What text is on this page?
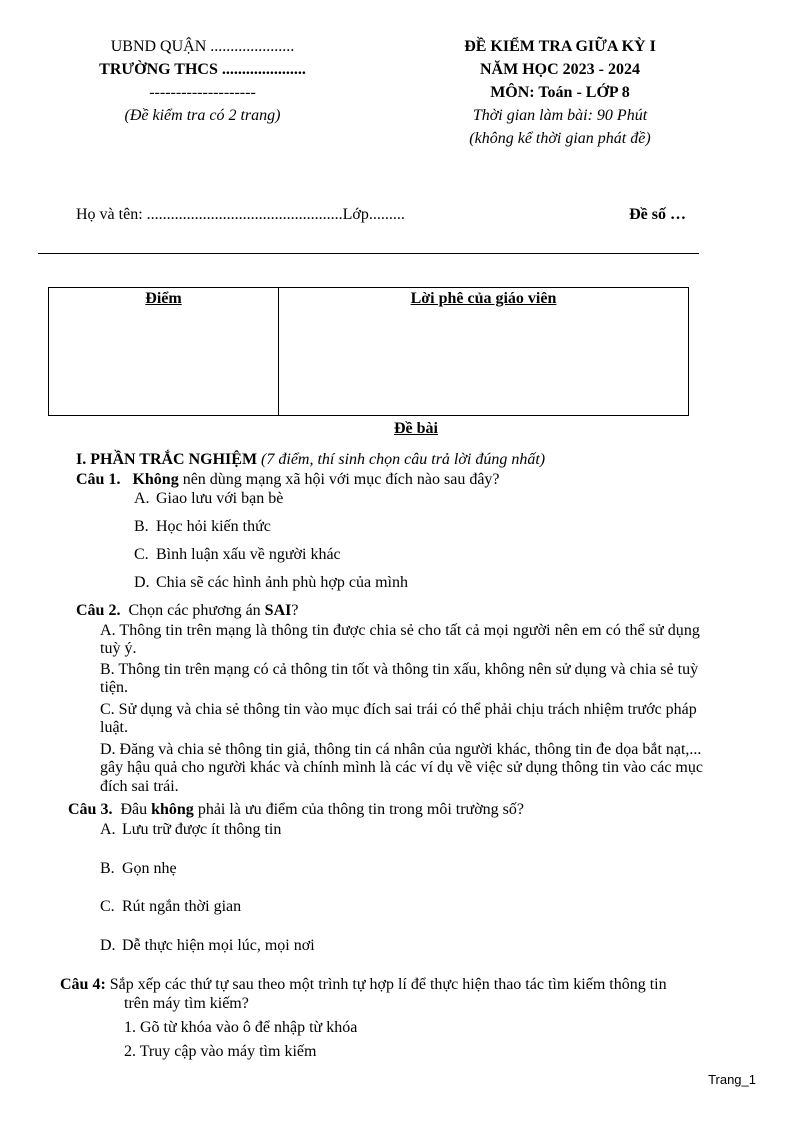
UBND QUẬN .....................
TRƯỜNG THCS .....................
--------------------
(Đề kiểm tra có 2 trang)
ĐỀ KIỂM TRA GIỮA KỲ I
NĂM HỌC 2023 - 2024
MÔN: Toán - LỚP 8
Thời gian làm bài: 90 Phút
(không kể thời gian phát đề)
Họ và tên: .................................................Lớp.........	Đề số …
Điểm	Lời phê của giáo viên
Đề bài
I. PHẦN TRẮC NGHIỆM (7 điểm, thí sinh chọn câu trả lời đúng nhất)
Câu 1. Không nên dùng mạng xã hội với mục đích nào sau đây?
A. Giao lưu với bạn bè
B. Học hỏi kiến thức
C. Bình luận xấu về người khác
D. Chia sẽ các hình ảnh phù hợp của mình
Câu 2. Chọn các phương án SAI?
A. Thông tin trên mạng là thông tin được chia sẻ cho tất cả mọi người nên em có thể sử dụng
tuỳ ý.
B. Thông tin trên mạng có cả thông tin tốt và thông tin xấu, không nên sử dụng và chia sẻ tuỳ
tiện.
C. Sử dụng và chia sẻ thông tin vào mục đích sai trái có thể phải chịu trách nhiệm trước pháp
luật.
D. Đăng và chia sẻ thông tin giả, thông tin cá nhân của người khác, thông tin đe dọa bắt nạt,...
gây hậu quả cho người khác và chính mình là các ví dụ về việc sử dụng thông tin vào các mục
đích sai trái.
Câu 3. Đâu không phải là ưu điểm của thông tin trong môi trường số?
A. Lưu trữ được ít thông tin
B. Gọn nhẹ
C. Rút ngắn thời gian
D. Dễ thực hiện mọi lúc, mọi nơi
Câu 4: Sắp xếp các thứ tự sau theo một trình tự hợp lí để thực hiện thao tác tìm kiếm thông tin
trên máy tìm kiếm?
1. Gõ từ khóa vào ô để nhập từ khóa
2. Truy cập vào máy tìm kiếm
Trang_1
